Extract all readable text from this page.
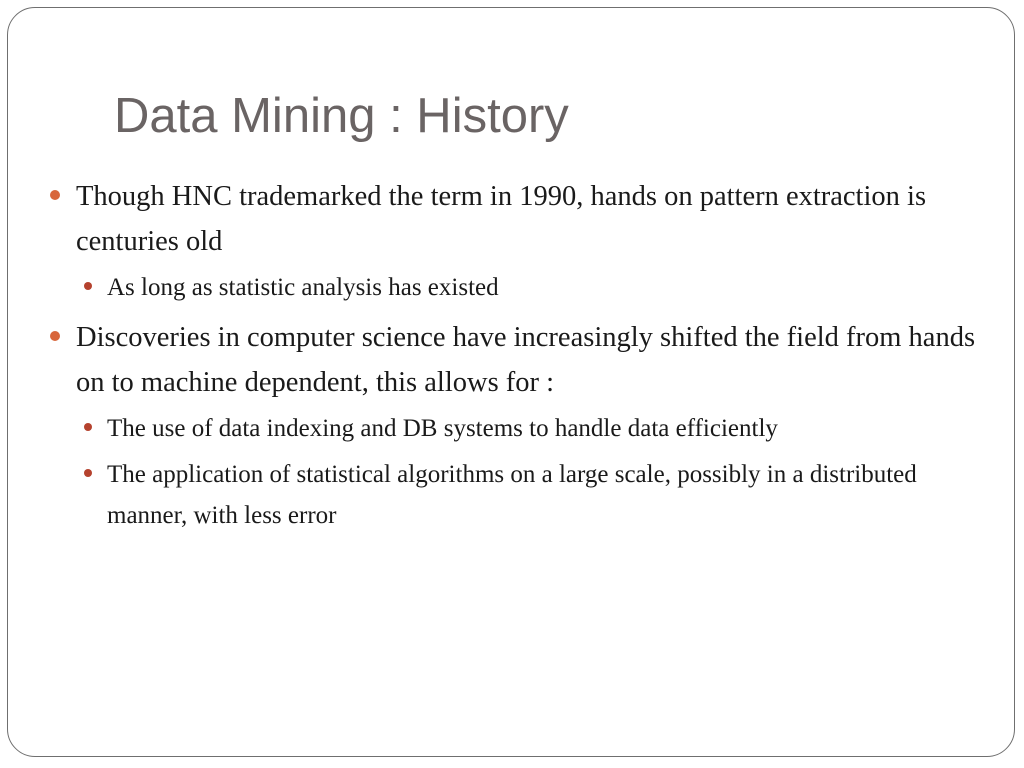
Data Mining : History

Though HNC trademarked the term in 1990, hands on pattern extraction is centuries old

As long as statistic analysis has existed

Discoveries in computer science have increasingly shifted the field from hands on to machine dependent, this allows for :

The use of data indexing and DB systems to handle data efficiently

The application of statistical algorithms on a large scale, possibly in a distributed manner, with less error
